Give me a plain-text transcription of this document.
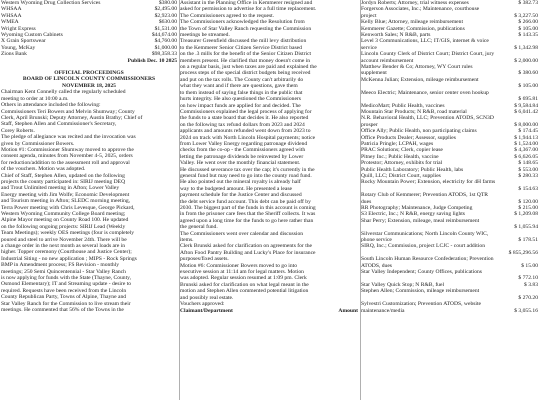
Western Wyoming Drug Collection Services	$380.00
WHSAA	$2,495.00
WHSAA	$2,923.00
WMEA	$630.00
Wright Express	$1,531.00
Wyoming Custom Cabinets	$44,674.00
X Grain Sportswear	$4,760.00
Young, McKay	$1,000.00
Zions Bank	$98,358.33
Publish Dec. 10 2025
OFFICIAL PROCEEDINGS
BOARD OF LINCOLN COUNTY COMMISSIONERS
NOVEMBER 18, 2025
Chairman Kent Connelly called the regularly scheduled
meeting to order at 10:00 a.m.
Others in attendance included the following:
Commissioners Teri Bowers and Melvin Shumway; County
Clerk, April Brunski; Deputy Attorney, Austin Brathy; Chief of
Staff, Stephen Allen and Commissioner's Secretary,
Corey Roberts.
The pledge of allegiance was recited and the invocation was
given by Commissioner Bowers.
Motion #1: Commissioner Shumway moved to approve the
consent agenda, minutes from November 4-5, 2025, orders
for reduction/addition to the assessment roll and approval
of the vouchers. Motion was adopted.
Chief of Staff, Stephen Allen, updated on the following
projects the county participated in: SIRIJ meeting DEQ
and Trout Unlimited meeting in Afton; Lower Valley
Energy meeting with Jim Wolfe; Economic Development
and Tourism meeting in Afton; SLEDC morning meeting,
Terra Power meeting with Chris Levesque, George Pickard,
Western Wyoming Community College Board meeting;
Alpine Mayor meeting on County Road 100. He updated
on the following ongoing projects: SIRIJ Lead (Weekly
Team Meetings); weekly OES meetings (four is completely
poured and steel to arrive November 24th. There will be
a change order in the next month as several loads are in
higher. Topper ceremony (Courthouse and Justice Center);
Industrial Siting - no new application ; MIPS - Rock Springs
BMP in Amendment process; FS Revision - monthly
meetings; 250 Semi Quincentennial - Star Valley Ranch
is now applying for funds with the State (Thayne, County,
Osmond Elementary); IT and Streaming update - desire to
required. Requests have been received from the Lincoln
County Republican Party, Towns of Alpine, Thayne and
Star Valley Ranch for the Commission to live stream their
meetings. He commented that 56% of the Towns in the
Assistant in the Planning Office in Kemmerer resigned and
asked for permission to advertise for a full time replacement.
The Commissioners agreed to the request.
The Commissioners acknowledged the Resolution from
the Town of Star Valley Ranch requesting the Commission
meetings be streamed.
Treasurer Greenfield discussed the mill levy distribution
to the Kemmerer Senior Citizen Service District based
on the .3 mills for the benefit of the Senior Citizen District
members present. He clarified that money doesn't come in
on a regular basis, just when taxes are paid and explained the
process steps of the special district budgets being received
and put on the tax rolls. The County can't arbitrarily do
what they want and if there are questions, gave them
to them instead of saying false things in the public that
hurts integrity. He also questioned the Commissioners
on how impact funds are applied for and decided. The
Commissioners explained the legal process of applying for
the funds to a state board that decides it. He also reported
on the following tax refund dollars from 2023 and 2024
applicants and amounts refunded went down from 2023 to
2024 on track with North Lincoln Hospital payments; notice
from Lower Valley Energy regarding patronage dividend
checks from the co-op - the Commissioners agreed with
letting the patronage dividends be reinvested by Lower
Valley. He went over the monthly financial statement.
He discussed severance tax over the cap; it's currently in the
general fund but may need to go into the county road fund.
He also pointed out the mineral royalty is already half
way to the budgeted amount. He presented a lease
payment schedule for the Justice Center and discussed
the debt service fund account. This debt can be paid off by
2030. The biggest part of the funds in this account is coming
in from the prisoner care fees that the Sheriff collects. It was
agreed upon a long time for the funds to go here rather than
the general fund.
The Commissioners went over calendar and discussion
items.
Clerk Brunski asked for clarification on agreements for the
Afton Food Pantry Building and Lucky's Place for insurance
purposes/fixed assets.
Motion #6: Commissioner Bowers moved to go into
executive session at 11:14 am for legal matters. Motion
was adopted. Regular session resumed at 1:09 pm. Clerk
Brunski asked for clarification on what legal meant in the
motion and Stephen Allen commented potential litigation
and possibly real estate.
Vouchers approved:
Claimant/Department	Amount
Jordyn Roberts; Attorney, trial witness expenses	$ 382.73
Forgerson Associates, Inc.; Maintenance, courthouse
project	$ 3,227.50
Kelly Blue; Attorney, mileage reimbursement	$ 266.00
Kemmerer Gazette; Commission, publications	$ 105.00
Kenworth Sales; N R&B, parts	$ 143.35
Level 3 Communications, LLC; IT/GIS, internet & voice
service	$ 1,342.98
Lincoln County Clerk of District Court; District Court, jury
account reimbursement	$ 2,000.00
Matthew Bender & Co; Attorney, WY Court rules
supplement	$ 380.60
McKenna Julian; Extension, mileage reimbursement
$ 105.00
Meeco Electric; Maintenance, senior center oven hookup
$ 695.81
MedicoMart; Public Health, vaccines	$ 9,584.84
Mountain Star Products; N R&B, road material	$ 6,041.42
N.R. Behavioral Health, LLC; Prevention ATODS, SCN3D
prosper	$ 8,000.00
Office Ally; Public Health, non participating claims	$ 174.45
Office Products Dealer; Assessor, supplies	$ 1,944.13
Patricia Pringle; LCPAH, wages	$ 1,524.00
PRAC Solutions; Clerk, copier lease	$ 4,367.00
Pitney Inc.; Public Health, vaccine	$ 6,626.05
Protestor; Attorney, exhibits for trial	$ 148.65
Public Health Laboratory; Public Health, labs	$ 553.00
Quill, LLC; District Court, supplies	$ 280.33
Rocky Mountain Power; Extension, electricity for 4H farms
$ 154.63
Rotary Club of Kemmerer; Prevention ATODS, 1st QTR
dues	$ 120.00
RR Photography; Maintenance, Judge Competing	$ 215.00
S3 Electric, Inc.; N R&B, energy saving lights	$ 1,209.08
Shar Perry; Extension, mileage, meal reimbursement
$ 1,055.94
Silverstar Communications; North Lincoln County WIC,
phone service	$ 178.51
SIRQ, Inc.; Commission, project LCJC - court addition
$ 855,296.56
South Lincoln Human Resource Confederation; Prevention
ATODS, dues	$ 15.00
Star Valley Independent; County Offices, publications
$ 772.10
Star Valley Quick Stop; N R&B, fuel	$ 3.83
Stephen Allen; Commission, mileage reimbursement
$ 270.20
Sylvestri Customization; Prevention ATODS, website
maintenance/media	$ 3,055.16
